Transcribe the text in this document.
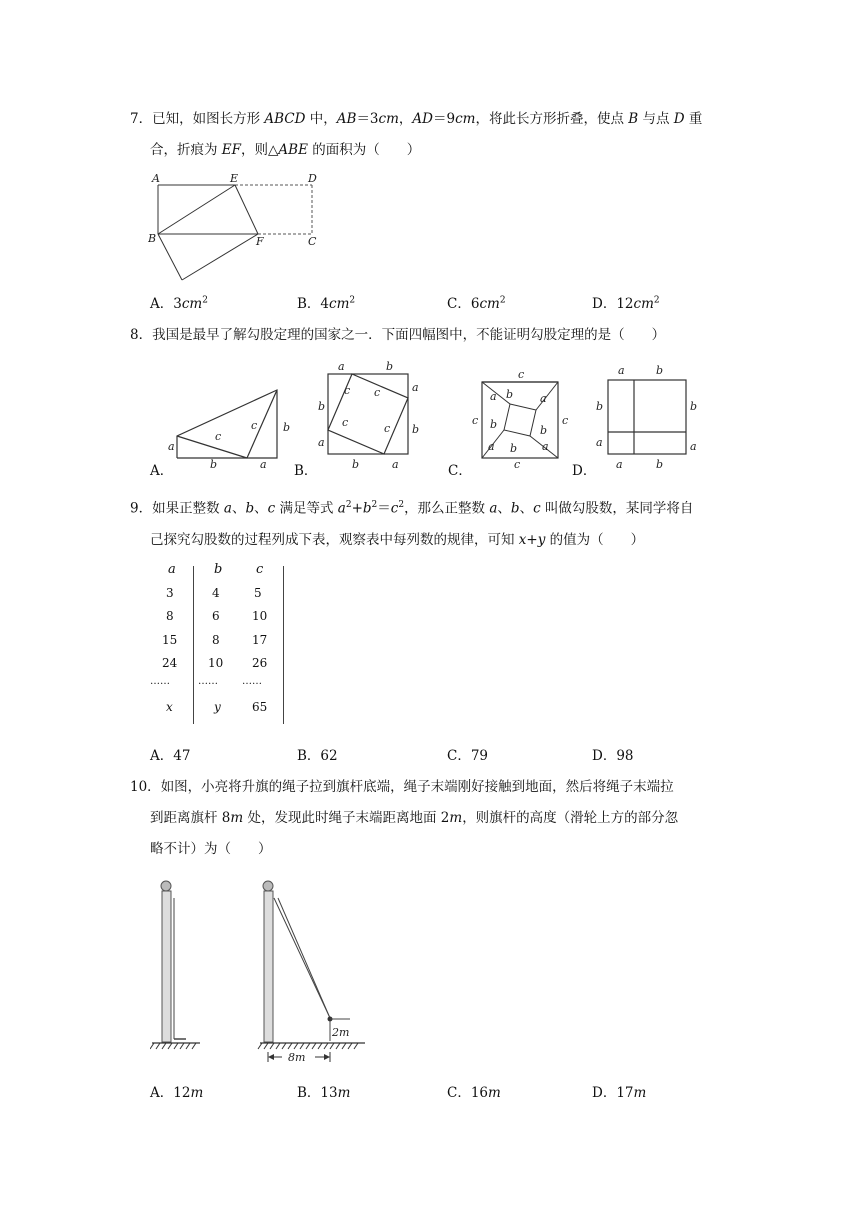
7．已知，如图长方形 ABCD 中，AB＝3cm，AD＝9cm，将此长方形折叠，使点 B 与点 D 重
合，折痕为 EF，则△ABE 的面积为（　　）
A	E	D
B	F	C
A．$3cm^2$	B．$4cm^2$	C．$6cm^2$	D．$12cm^2$
8．我国是最早了解勾股定理的国家之一．下面四幅图中，不能证明勾股定理的是（　　）
a
c
c b
b	a
A．
a	b
a
b
b
a
b	a
c c
c	c
B．
c
a b a
b	b
a b a
c	c
c
C．
a	b
b	b
a	a
a	b
D．
9．如果正整数 a、b、c 满足等式 $a^2+b^2=c^2$，那么正整数 a、b、c 叫做勾股数，某同学将自
己探究勾股数的过程列成下表，观察表中每列数的规律，可知 x+y 的值为（　　）
a	b	c
3	4	5
8	6	10
15	8	17
24	10 26
……	…… ……
x	y	65
A．47	B．62	C．79	D．98
10．如图，小亮将升旗的绳子拉到旗杆底端，绳子末端刚好接触到地面，然后将绳子末端拉
到距离旗杆 8m 处，发现此时绳子末端距离地面 2m，则旗杆的高度（滑轮上方的部分忽
略不计）为（　　）
2m
8m
A．12m	B．13m	C．16m	D．17m
